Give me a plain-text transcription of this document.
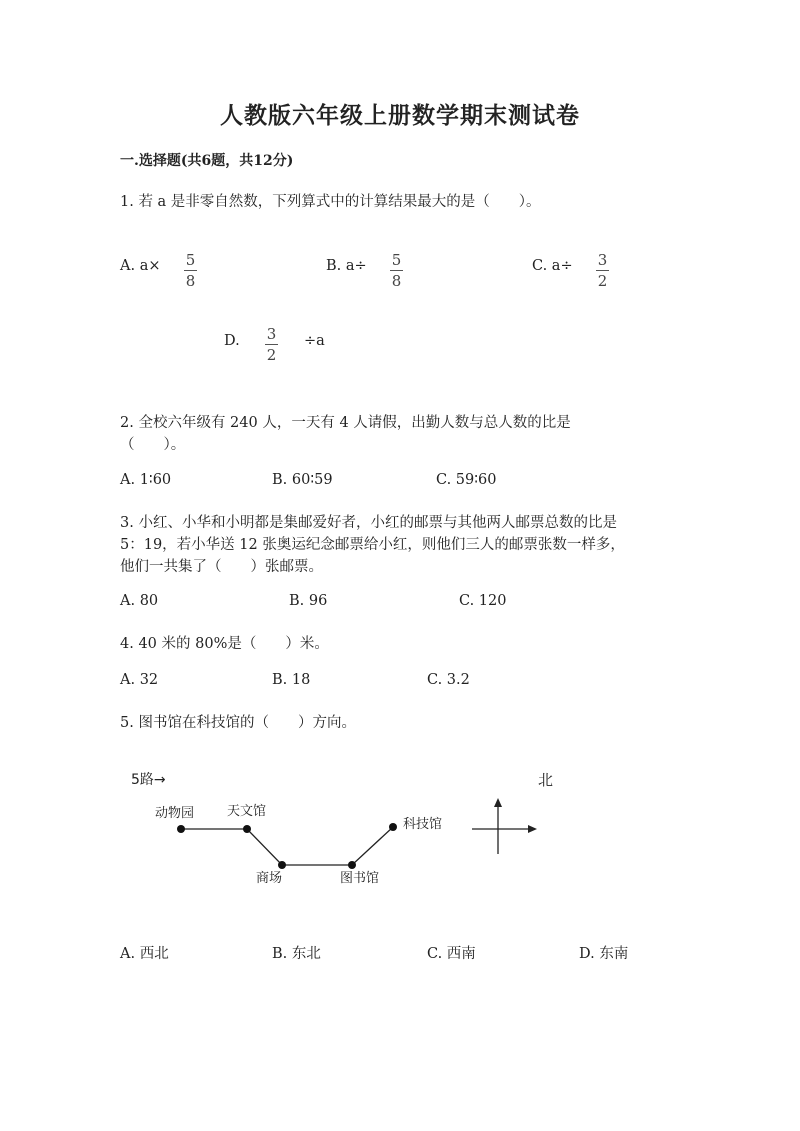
人教版六年级上册数学期末测试卷
一.选择题(共6题，共12分)
1. 若 a 是非零自然数，下列算式中的计算结果最大的是（　　）。
A. a× 5
8
B. a÷ 5
8
C. a÷ 3
2
D. 3
2
÷a
2. 全校六年级有 240 人，一天有 4 人请假，出勤人数与总人数的比是
（　　）。
A. 1∶60	B. 60∶59	C. 59∶60
3. 小红、小华和小明都是集邮爱好者，小红的邮票与其他两人邮票总数的比是
5：19，若小华送 12 张奥运纪念邮票给小红，则他们三人的邮票张数一样多，
他们一共集了（　　）张邮票。
A. 80	B. 96	C. 120
4. 40 米的 80%是（　　）米。
A. 32	B. 18	C. 3.2
5. 图书馆在科技馆的（　　）方向。
5路→	北
动物园	天文馆
商场	图书馆
科技馆
A. 西北	B. 东北	C. 西南	D. 东南
